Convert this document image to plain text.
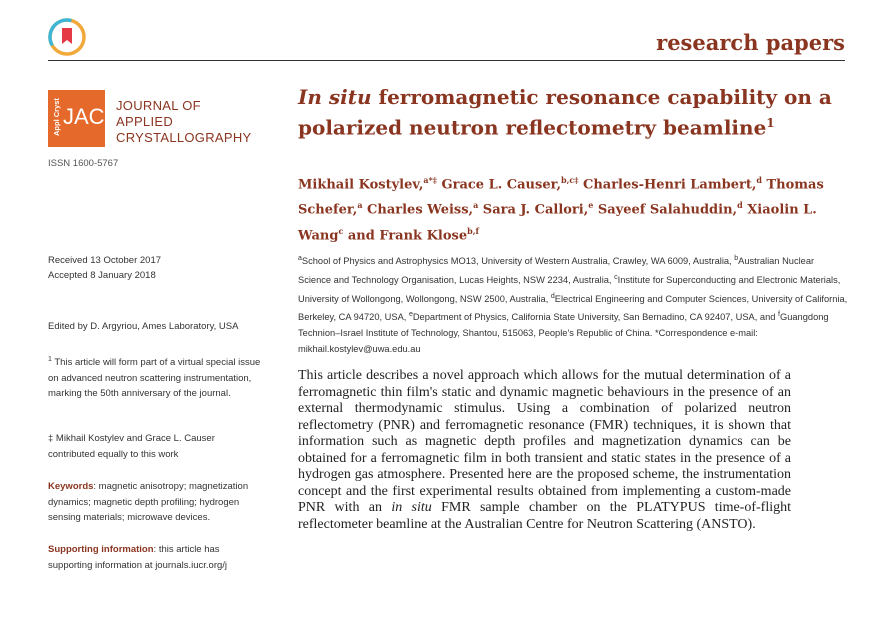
research papers
Appl Cryst JAC JOURNAL OF
APPLIED
CRYSTALLOGRAPHY
ISSN 1600-5767
Received 13 October 2017
Accepted 8 January 2018
Edited by D. Argyriou, Ames Laboratory, USA
$^1$ This article will form part of a virtual special issue on advanced neutron scattering instrumentation, marking the 50th anniversary of the journal.
‡ Mikhail Kostylev and Grace L. Causer contributed equally to this work
Keywords: magnetic anisotropy; magnetization dynamics; magnetic depth profiling; hydrogen sensing materials; microwave devices.
Supporting information: this article has supporting information at journals.iucr.org/j
In situ ferromagnetic resonance capability on a polarized neutron reflectometry beamline$^1$
Mikhail Kostylev,$^{a*\ddagger}$ Grace L. Causer,$^{b,c\ddagger}$ Charles-Henri Lambert,$^d$ Thomas Schefer,$^a$ Charles Weiss,$^a$ Sara J. Callori,$^e$ Sayeef Salahuddin,$^d$ Xiaolin L. Wang$^c$ and Frank Klose$^{b,f}$
$^a$School of Physics and Astrophysics MO13, University of Western Australia, Crawley, WA 6009, Australia, $^b$Australian Nuclear Science and Technology Organisation, Lucas Heights, NSW 2234, Australia, $^c$Institute for Superconducting and Electronic Materials, University of Wollongong, Wollongong, NSW 2500, Australia, $^d$Electrical Engineering and Computer Sciences, University of California, Berkeley, CA 94720, USA, $^e$Department of Physics, California State University, San Bernadino, CA 92407, USA, and $^f$Guangdong Technion–Israel Institute of Technology, Shantou, 515063, People's Republic of China. *Correspondence e-mail: mikhail.kostylev@uwa.edu.au
This article describes a novel approach which allows for the mutual determination of a ferromagnetic thin film's static and dynamic magnetic behaviours in the presence of an external thermodynamic stimulus. Using a combination of polarized neutron reflectometry (PNR) and ferromagnetic resonance (FMR) techniques, it is shown that information such as magnetic depth profiles and magnetization dynamics can be obtained for a ferromagnetic film in both transient and static states in the presence of a hydrogen gas atmosphere. Presented here are the proposed scheme, the instrumentation concept and the first experimental results obtained from implementing a custom-made PNR with an in situ FMR sample chamber on the PLATYPUS time-of-flight reflectometer beamline at the Australian Centre for Neutron Scattering (ANSTO).
